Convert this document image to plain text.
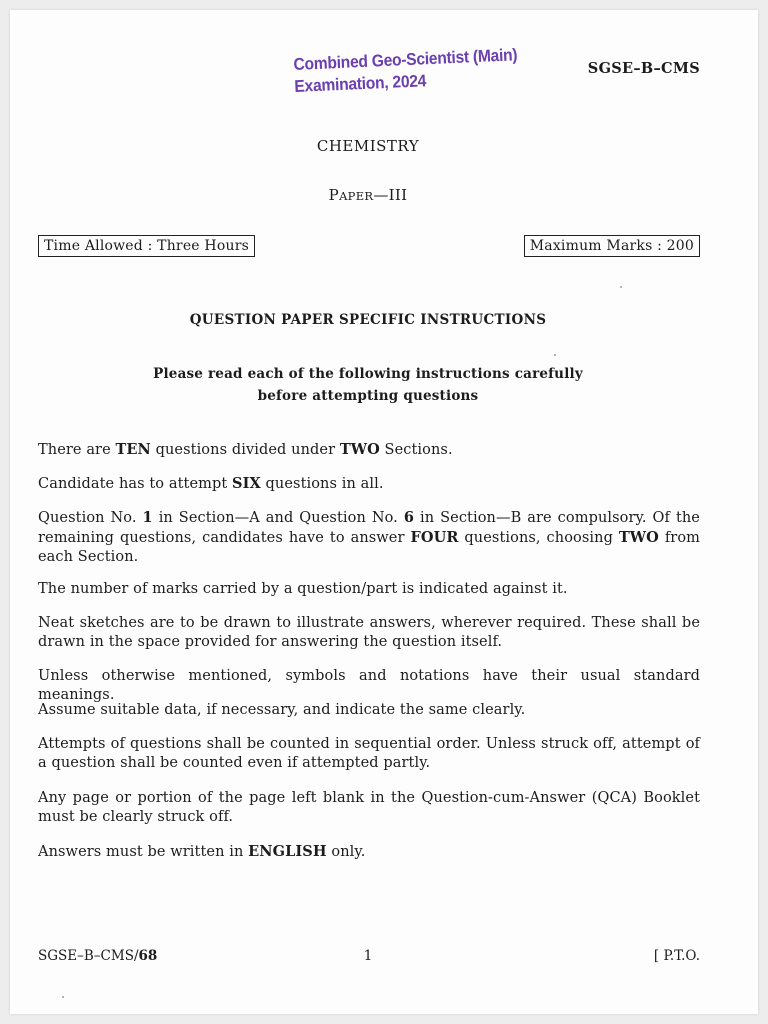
Combined Geo-Scientist (Main)
Examination, 2024
SGSE–B–CMS
CHEMISTRY
PAPER—III
Time Allowed : Three Hours	Maximum Marks : 200
QUESTION PAPER SPECIFIC INSTRUCTIONS
Please read each of the following instructions carefully
before attempting questions

There are TEN questions divided under TWO Sections.

Candidate has to attempt SIX questions in all.

Question No. 1 in Section—A and Question No. 6 in Section—B are compulsory. Of the remaining questions, candidates have to answer FOUR questions, choosing TWO from each Section.

The number of marks carried by a question/part is indicated against it.

Neat sketches are to be drawn to illustrate answers, wherever required. These shall be drawn in the space provided for answering the question itself.

Unless otherwise mentioned, symbols and notations have their usual standard meanings.

Assume suitable data, if necessary, and indicate the same clearly.

Attempts of questions shall be counted in sequential order. Unless struck off, attempt of a question shall be counted even if attempted partly.

Any page or portion of the page left blank in the Question-cum-Answer (QCA) Booklet must be clearly struck off.

Answers must be written in ENGLISH only.

SGSE–B–CMS/68	1	[ P.T.O.
